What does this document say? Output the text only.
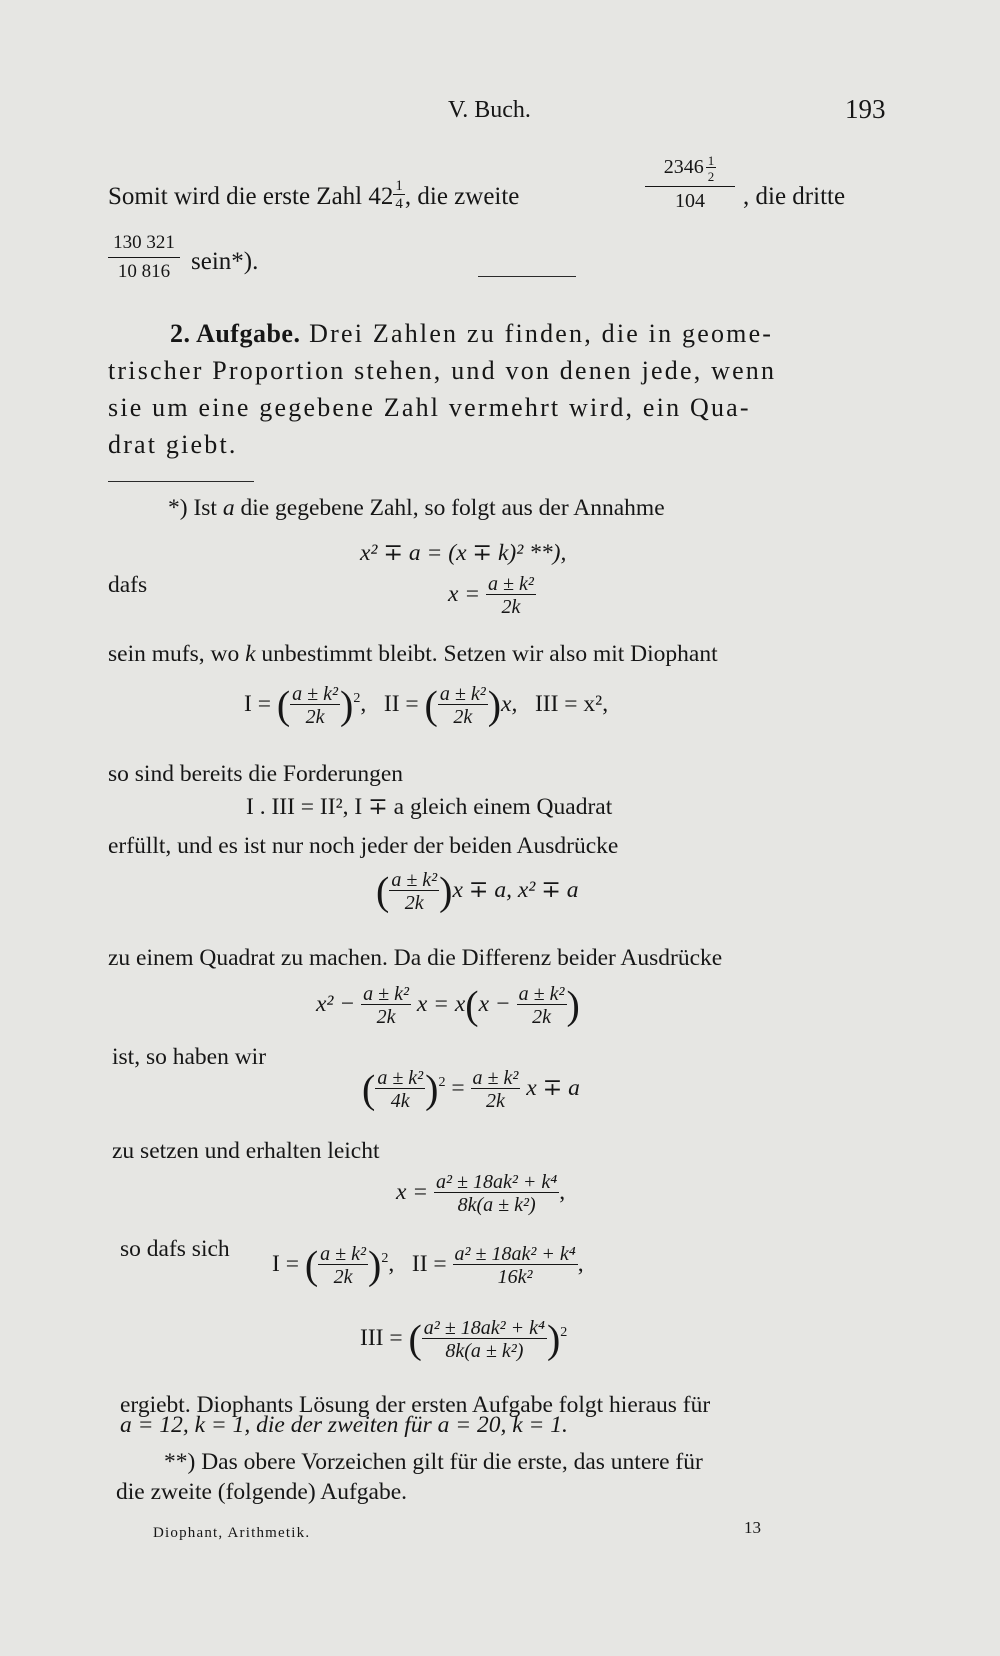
V. Buch.	193
Somit wird die erste Zahl $42 \frac{1}{4}$ , die zweite
$2346 \frac{1}{2}$
104	, die dritte
130 321
10 816 sein*).
2. Aufgabe. Drei Zahlen zu finden, die in geome-
trischer Proportion stehen, und von denen jede, wenn
sie um eine gegebene Zahl vermehrt wird, ein Qua-
drat giebt.
*) Ist a die gegebene Zahl, so folgt aus der Annahme
x² ∓ a = (x ∓ k)² **),
dafs	$x = \frac{\text{a ± k²}}{2k}$
sein mufs, wo k unbestimmt bleibt. Setzen wir also mit Diophant
I = ( $\frac{\text{a ± k²}}{2k} )^2$,   II = ( $\frac{\text{a ± k²}}{2k} )x$, III = x²,
so sind bereits die Forderungen
I . III = II², I ∓ a gleich einem Quadrat
erfüllt, und es ist nur noch jeder der beiden Ausdrücke
( $\frac{\text{a ± k²}}{2k} )x \mp a$, x² ∓ a
zu einem Quadrat zu machen. Da die Differenz beider Ausdrücke
$x^2 - \frac{\text{a ± k²}}{2k}$ $x = x(x - \frac{\text{a ± k²}}{2k}$ )
ist, so haben wir
( $\frac{\text{a ± k²}}{4k} )^2 = \frac{\text{a ± k²}}{2k}$ x ∓ a
zu setzen und erhalten leicht
$x = \frac{\text{a² ± 18ak² + k⁴}}{\text{8k(a ± k²)}}$ ,
so dafs sich
I = ( $\frac{\text{a ± k²}}{2k} )^2$,   II = $\frac{\text{a² ± 18ak² + k⁴}}{\text{16k²}}$ ,
III = ( $\frac{\text{a² ± 18ak² + k⁴}}{\text{8k(a ± k²)}} )^2$
ergiebt. Diophants Lösung der ersten Aufgabe folgt hieraus für
a = 12, k = 1, die der zweiten für a = 20, k = 1.
**) Das obere Vorzeichen gilt für die erste, das untere für
die zweite (folgende) Aufgabe.
Diophant, Arithmetik.	13
